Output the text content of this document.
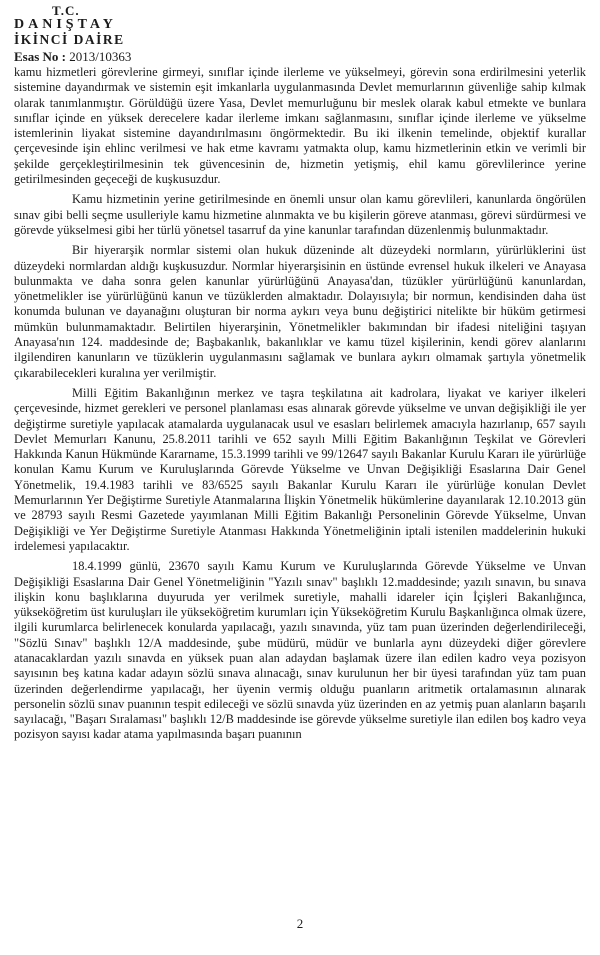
T.C.
DANIŞTAY
İKİNCİ DAİRE
Esas No : 2013/10363

kamu hizmetleri görevlerine girmeyi, sınıflar içinde ilerleme ve yükselmeyi, görevin sona erdirilmesini yeterlik sistemine dayandırmak ve sistemin eşit imkanlarla uygulanmasında Devlet memurlarının güvenliğe sahip kılmak olarak tanımlanmıştır. Görüldüğü üzere Yasa, Devlet memurluğunu bir meslek olarak kabul etmekte ve bunlara sınıflar içinde en yüksek derecelere kadar ilerleme imkanı sağlanmasını, sınıflar içinde ilerleme ve yükselme istemlerinin liyakat sistemine dayandırılmasını öngörmektedir. Bu iki ilkenin temelinde, objektif kurallar çerçevesinde işin ehlinc verilmesi ve hak etme kavramı yatmakta olup, kamu hizmetlerinin etkin ve verimli bir şekilde gerçekleştirilmesinin tek güvencesinin de, hizmetin yetişmiş, ehil kamu görevlilerince yerine getirilmesinden geçeceği de kuşkusuzdur.

Kamu hizmetinin yerine getirilmesinde en önemli unsur olan kamu görevlileri, kanunlarda öngörülen sınav gibi belli seçme usulleriyle kamu hizmetine alınmakta ve bu kişilerin göreve atanması, görevi sürdürmesi ve görevde yükselmesi gibi her türlü yönetsel tasarruf da yine kanunlar tarafından düzenlenmiş bulunmaktadır.

Bir hiyerarşik normlar sistemi olan hukuk düzeninde alt düzeydeki normların, yürürlüklerini üst düzeydeki normlardan aldığı kuşkusuzdur. Normlar hiyerarşisinin en üstünde evrensel hukuk ilkeleri ve Anayasa bulunmakta ve daha sonra gelen kanunlar yürürlüğünü Anayasa'dan, tüzükler yürürlüğünü kanunlardan, yönetmelikler ise yürürlüğünü kanun ve tüzüklerden almaktadır. Dolayısıyla; bir normun, kendisinden daha üst konumda bulunan ve dayanağını oluşturan bir norma aykırı veya bunu değiştirici nitelikte bir hüküm getirmesi mümkün bulunmamaktadır. Belirtilen hiyerarşinin, Yönetmelikler bakımından bir ifadesi niteliğini taşıyan Anayasa'nın 124. maddesinde de; Başbakanlık, bakanlıklar ve kamu tüzel kişilerinin, kendi görev alanlarını ilgilendiren kanunların ve tüzüklerin uygulanmasını sağlamak ve bunlara aykırı olmamak şartıyla yönetmelik çıkarabilecekleri kuralına yer verilmiştir.

Milli Eğitim Bakanlığının merkez ve taşra teşkilatına ait kadrolara, liyakat ve kariyer ilkeleri çerçevesinde, hizmet gerekleri ve personel planlaması esas alınarak görevde yükselme ve unvan değişikliği ile yer değiştirme suretiyle yapılacak atamalarda uygulanacak usul ve esasları belirlemek amacıyla hazırlanıp, 657 sayılı Devlet Memurları Kanunu, 25.8.2011 tarihli ve 652 sayılı Milli Eğitim Bakanlığının Teşkilat ve Görevleri Hakkında Kanun Hükmünde Kararname, 15.3.1999 tarihli ve 99/12647 sayılı Bakanlar Kurulu Kararı ile yürürlüğe konulan Kamu Kurum ve Kuruluşlarında Görevde Yükselme ve Unvan Değişikliği Esaslarına Dair Genel Yönetmelik, 19.4.1983 tarihli ve 83/6525 sayılı Bakanlar Kurulu Kararı ile yürürlüğe konulan Devlet Memurlarının Yer Değiştirme Suretiyle Atanmalarına İlişkin Yönetmelik hükümlerine dayanılarak 12.10.2013 gün ve 28793 sayılı Resmi Gazetede yayımlanan Milli Eğitim Bakanlığı Personelinin Görevde Yükselme, Unvan Değişikliği ve Yer Değiştirme Suretiyle Atanması Hakkında Yönetmeliğinin iptali istenilen maddelerinin hukuki irdelemesi yapılacaktır.

18.4.1999 günlü, 23670 sayılı Kamu Kurum ve Kuruluşlarında Görevde Yükselme ve Unvan Değişikliği Esaslarına Dair Genel Yönetmeliğinin "Yazılı sınav" başlıklı 12.maddesinde; yazılı sınavın, bu sınava ilişkin konu başlıklarına duyuruda yer verilmek suretiyle, mahalli idareler için İçişleri Bakanlığınca, yükseköğretim üst kuruluşları ile yükseköğretim kurumları için Yükseköğretim Kurulu Başkanlığınca olmak üzere, ilgili kurumlarca belirlenecek konularda yapılacağı, yazılı sınavında, yüz tam puan üzerinden değerlendirileceği, "Sözlü Sınav" başlıklı 12/A maddesinde, şube müdürü, müdür ve bunlarla aynı düzeydeki diğer görevlere atanacaklardan yazılı sınavda en yüksek puan alan adaydan başlamak üzere ilan edilen kadro veya pozisyon sayısının beş katına kadar adayın sözlü sınava alınacağı, sınav kurulunun her bir üyesi tarafından yüz tam puan üzerinden değerlendirme yapılacağı, her üyenin vermiş olduğu puanların aritmetik ortalamasının alınarak personelin sözlü sınav puanının tespit edileceği ve sözlü sınavda yüz üzerinden en az yetmiş puan alanların başarılı sayılacağı, "Başarı Sıralaması" başlıklı 12/B maddesinde ise görevde yükselme suretiyle ilan edilen boş kadro veya pozisyon sayısı kadar atama yapılmasında başarı puanının

2
